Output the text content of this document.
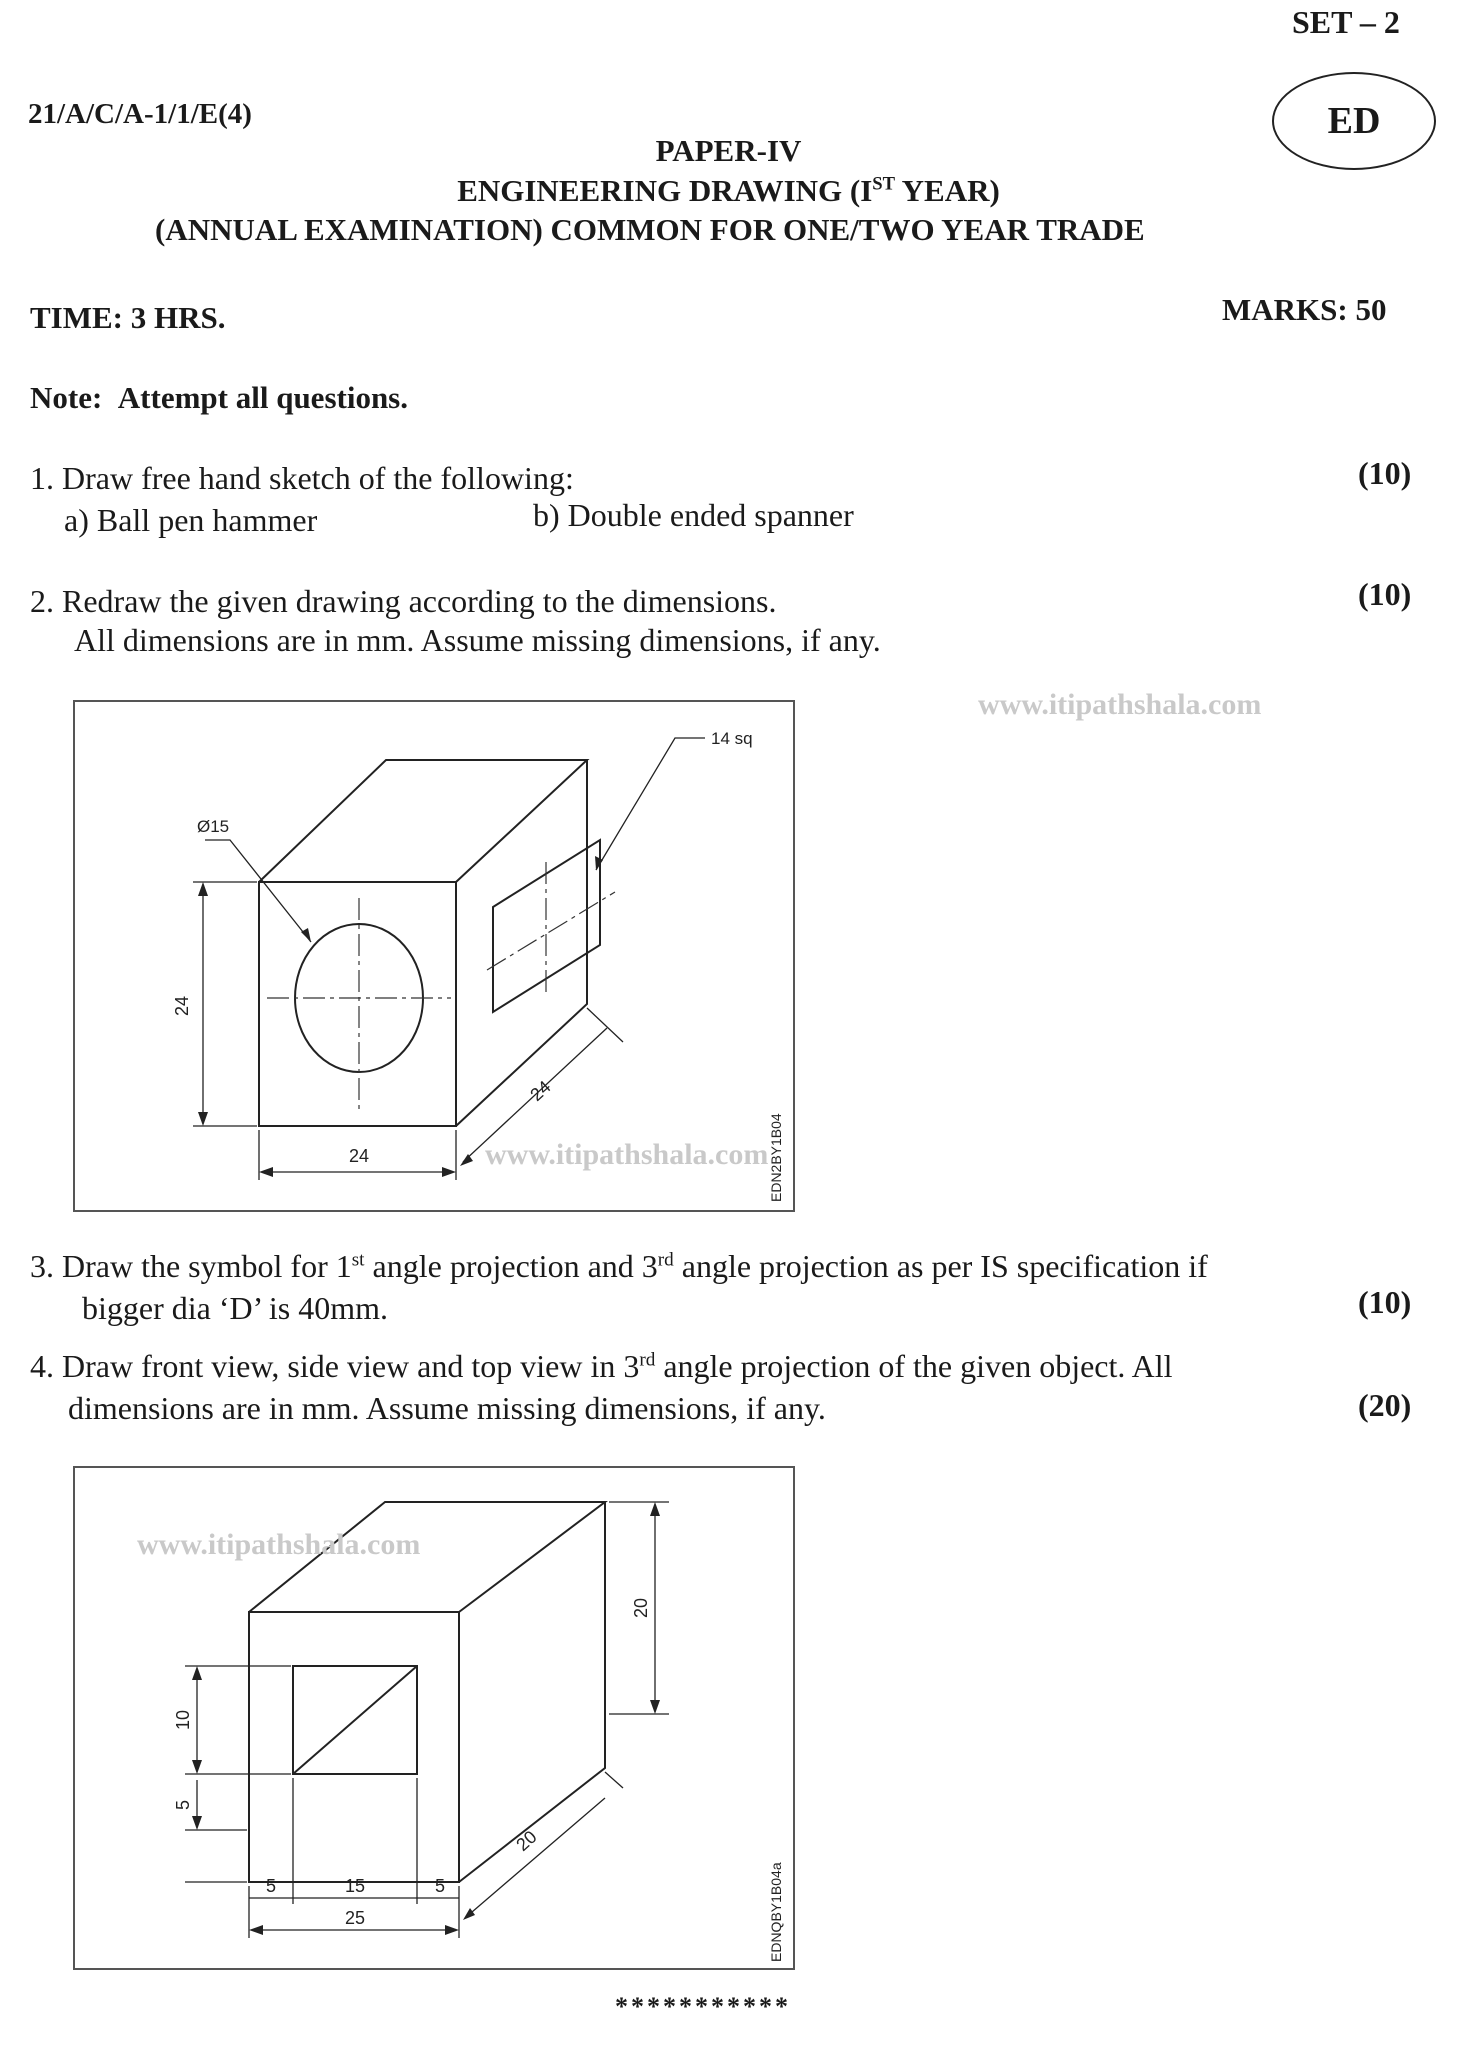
SET – 2
21/A/C/A-1/1/E(4)	ED
PAPER-IV
ENGINEERING DRAWING (IST YEAR)
(ANNUAL EXAMINATION) COMMON FOR ONE/TWO YEAR TRADE
TIME: 3 HRS.	MARKS: 50
Note: Attempt all questions.
1. Draw free hand sketch of the following:	(10)
a) Ball pen hammer	b) Double ended spanner
2. Redraw the given drawing according to the dimensions.	(10)
All dimensions are in mm. Assume missing dimensions, if any.
www.itipathshala.com
Ø15
14 sq
24
24
24
EDN2BY1B04
www.itipathshala.com
3. Draw the symbol for 1st angle projection and 3rd angle projection as per IS specification if
bigger dia ‘D’ is 40mm.	(10)
4. Draw front view, side view and top view in 3rd angle projection of the given object. All
dimensions are in mm. Assume missing dimensions, if any.	(20)
20
10
5
5	15	5
25
20
EDNQBY1B04a
www.itipathshala.com
***********
